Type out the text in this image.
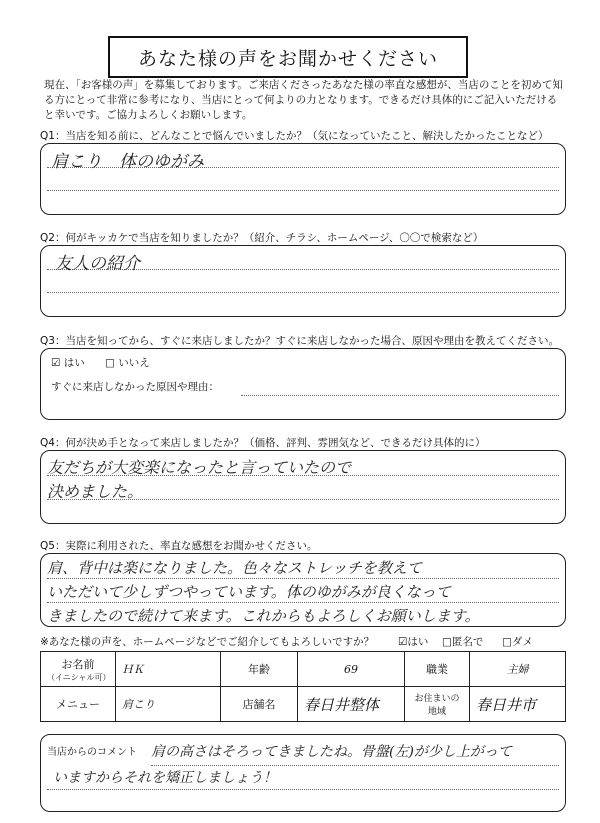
あなた様の声をお聞かせください
現在、「お客様の声」を募集しております。ご来店くださったあなた様の率直な感想が、当店のことを初めて知る方にとって非常に参考になり、当店にとって何よりの力となります。できるだけ具体的にご記入いただけると幸いです。ご協力よろしくお願いします。
Q1：当店を知る前に、どんなことで悩んでいましたか？（気になっていたこと、解決したかったことなど）
肩こり　体のゆがみ
Q2：何がキッカケで当店を知りましたか？（紹介、チラシ、ホームページ、〇〇で検索など）
友人の紹介
Q3：当店を知ってから、すぐに来店しましたか？すぐに来店しなかった場合、原因や理由を教えてください。
☑ はい □ いいえ
すぐに来店しなかった原因や理由：
Q4：何が決め手となって来店しましたか？（価格、評判、雰囲気など、できるだけ具体的に）
友だちが大変楽になったと言っていたので
決めました。
Q5：実際に利用された、率直な感想をお聞かせください。
肩、背中は楽になりました。色々なストレッチを教えて
いただいて少しずつやっています。体のゆがみが良くなって
きましたので続けて来ます。これからもよろしくお願いします。
※あなた様の声を、ホームページなどでご紹介してもよろしいですか？ ☑はい □匿名で □ダメ
お名前
（イニシャル可）	ＨＫ	年齢	69	職業	主婦
メニュー	肩こり	店舗名	春日井整体	お住まいの地域	春日井市
当店からのコメント 肩の高さはそろってきましたね。骨盤(左)が少し上がって
いますからそれを矯正しましょう！
